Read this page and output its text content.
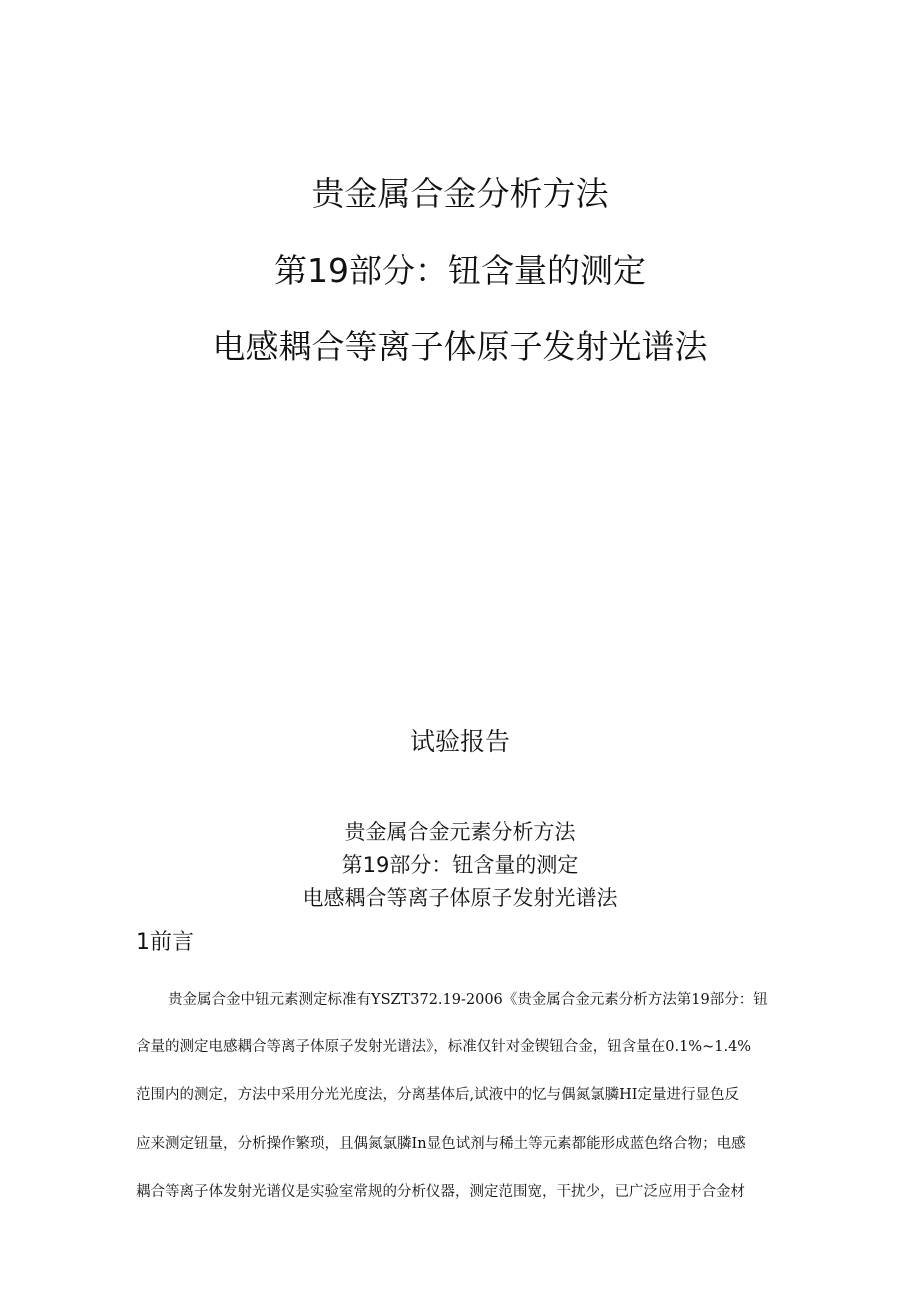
贵金属合金分析方法
第19部分：钮含量的测定
电感耦合等离子体原子发射光谱法
试验报告
贵金属合金元素分析方法
第19部分：钮含量的测定
电感耦合等离子体原子发射光谱法
1前言
贵金属合金中钮元素测定标准有YSZT372.19-2006《贵金属合金元素分析方法第19部分：钮
含量的测定电感耦合等离子体原子发射光谱法》，标准仅针对金锲钮合金，钮含量在0.1%~1.4%
范围内的测定，方法中采用分光光度法，分离基体后,试液中的忆与偶氮氯膦HI定量进行显色反
应来测定钮量，分析操作繁琐，且偶氮氯膦In显色试剂与稀土等元素都能形成蓝色络合物；电感
耦合等离子体发射光谱仪是实验室常规的分析仪器，测定范围宽，干扰少，已广泛应用于合金材
